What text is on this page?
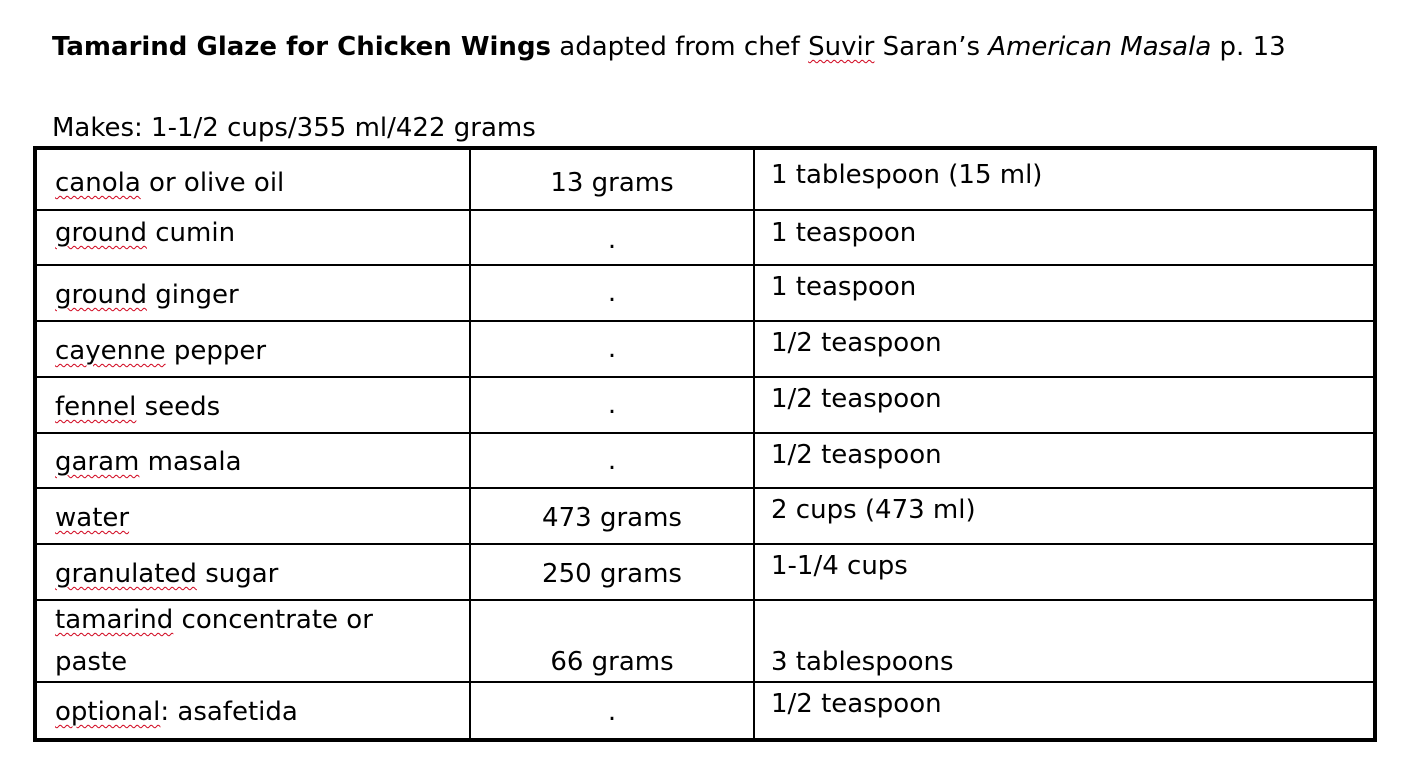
Tamarind Glaze for Chicken Wings adapted from chef Suvir Saran’s American Masala p. 13
Makes: 1-1/2 cups/355 ml/422 grams
canola or olive oil	13 grams	1 tablespoon (15 ml)

ground cumin	.	1 teaspoon

ground ginger	.	1 teaspoon

cayenne pepper	.	1/2 teaspoon

fennel seeds	.	1/2 teaspoon

garam masala	.	1/2 teaspoon

water	473 grams	2 cups (473 ml)

granulated sugar	250 grams	1-1/4 cups

tamarind concentrate or
paste	66 grams	3 tablespoons

optional: asafetida	.	1/2 teaspoon
